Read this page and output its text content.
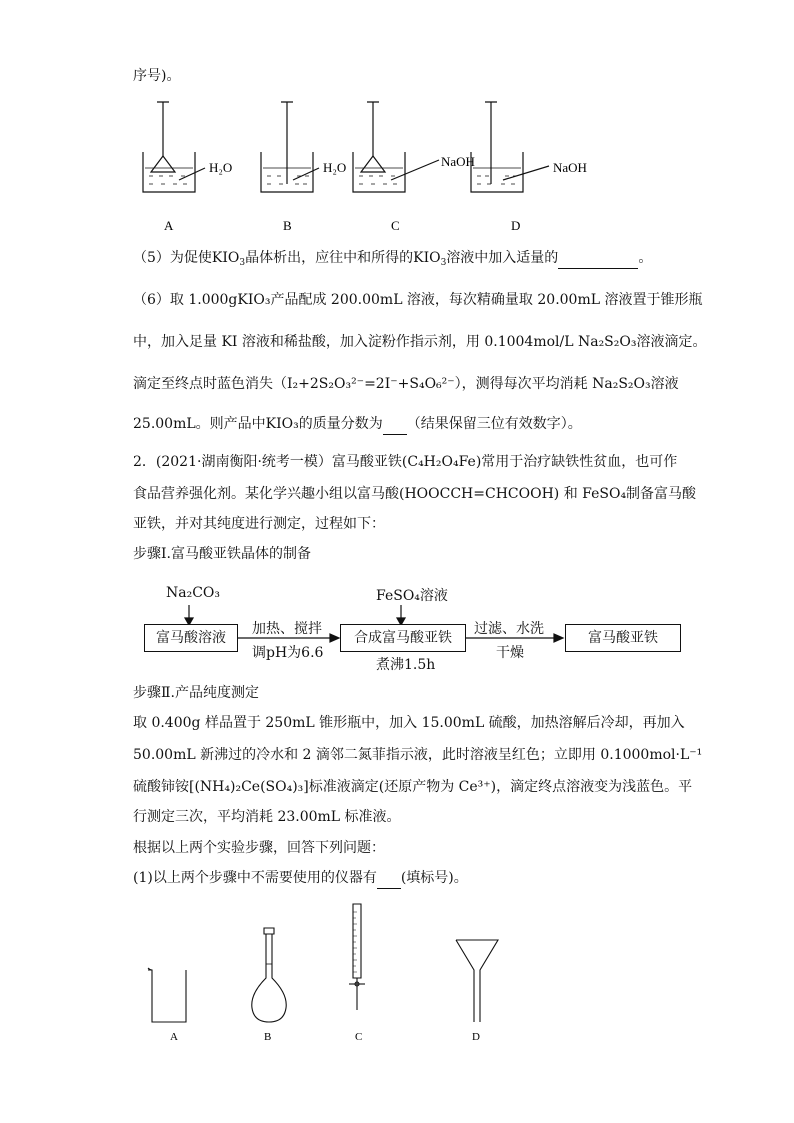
序号)。
H₂O	H₂O	NaOH	NaOH
A	B	C	D
（5）为促使$KIO_3$晶体析出，应往中和所得的$KIO_3$溶液中加入适量的	。
（6）取 1.000gKIO₃产品配成 200.00mL 溶液，每次精确量取 20.00mL 溶液置于锥形瓶
中，加入足量 KI 溶液和稀盐酸，加入淀粉作指示剂，用 0.1004mol/L Na₂S₂O₃溶液滴定。
滴定至终点时蓝色消失（I₂+2S₂O₃²⁻=2I⁻+S₄O₆²⁻），测得每次平均消耗 Na₂S₂O₃溶液
25.00mL。则产品中KIO₃的质量分数为 （结果保留三位有效数字）。
2．(2021·湖南衡阳·统考一模）富马酸亚铁(C₄H₂O₄Fe)常用于治疗缺铁性贫血，也可作
食品营养强化剂。某化学兴趣小组以富马酸(HOOCCH=CHCOOH) 和 FeSO₄制备富马酸
亚铁，并对其纯度进行测定，过程如下：
步骤Ⅰ.富马酸亚铁晶体的制备
Na₂CO₃	FeSO₄溶液
富马酸溶液
加热、搅拌
调pH为6.6
合成富马酸亚铁
煮沸1.5h
过滤、水洗
干燥
富马酸亚铁
步骤Ⅱ.产品纯度测定
取 0.400g 样品置于 250mL 锥形瓶中，加入 15.00mL 硫酸，加热溶解后冷却，再加入
50.00mL 新沸过的冷水和 2 滴邻二氮菲指示液，此时溶液呈红色；立即用 0.1000mol·L⁻¹
硫酸铈铵[(NH₄)₂Ce(SO₄)₃]标准液滴定(还原产物为 Ce³⁺)，滴定终点溶液变为浅蓝色。平
行测定三次，平均消耗 23.00mL 标准液。
根据以上两个实验步骤，回答下列问题：
(1)以上两个步骤中不需要使用的仪器有 (填标号)。
A	B	C	D
